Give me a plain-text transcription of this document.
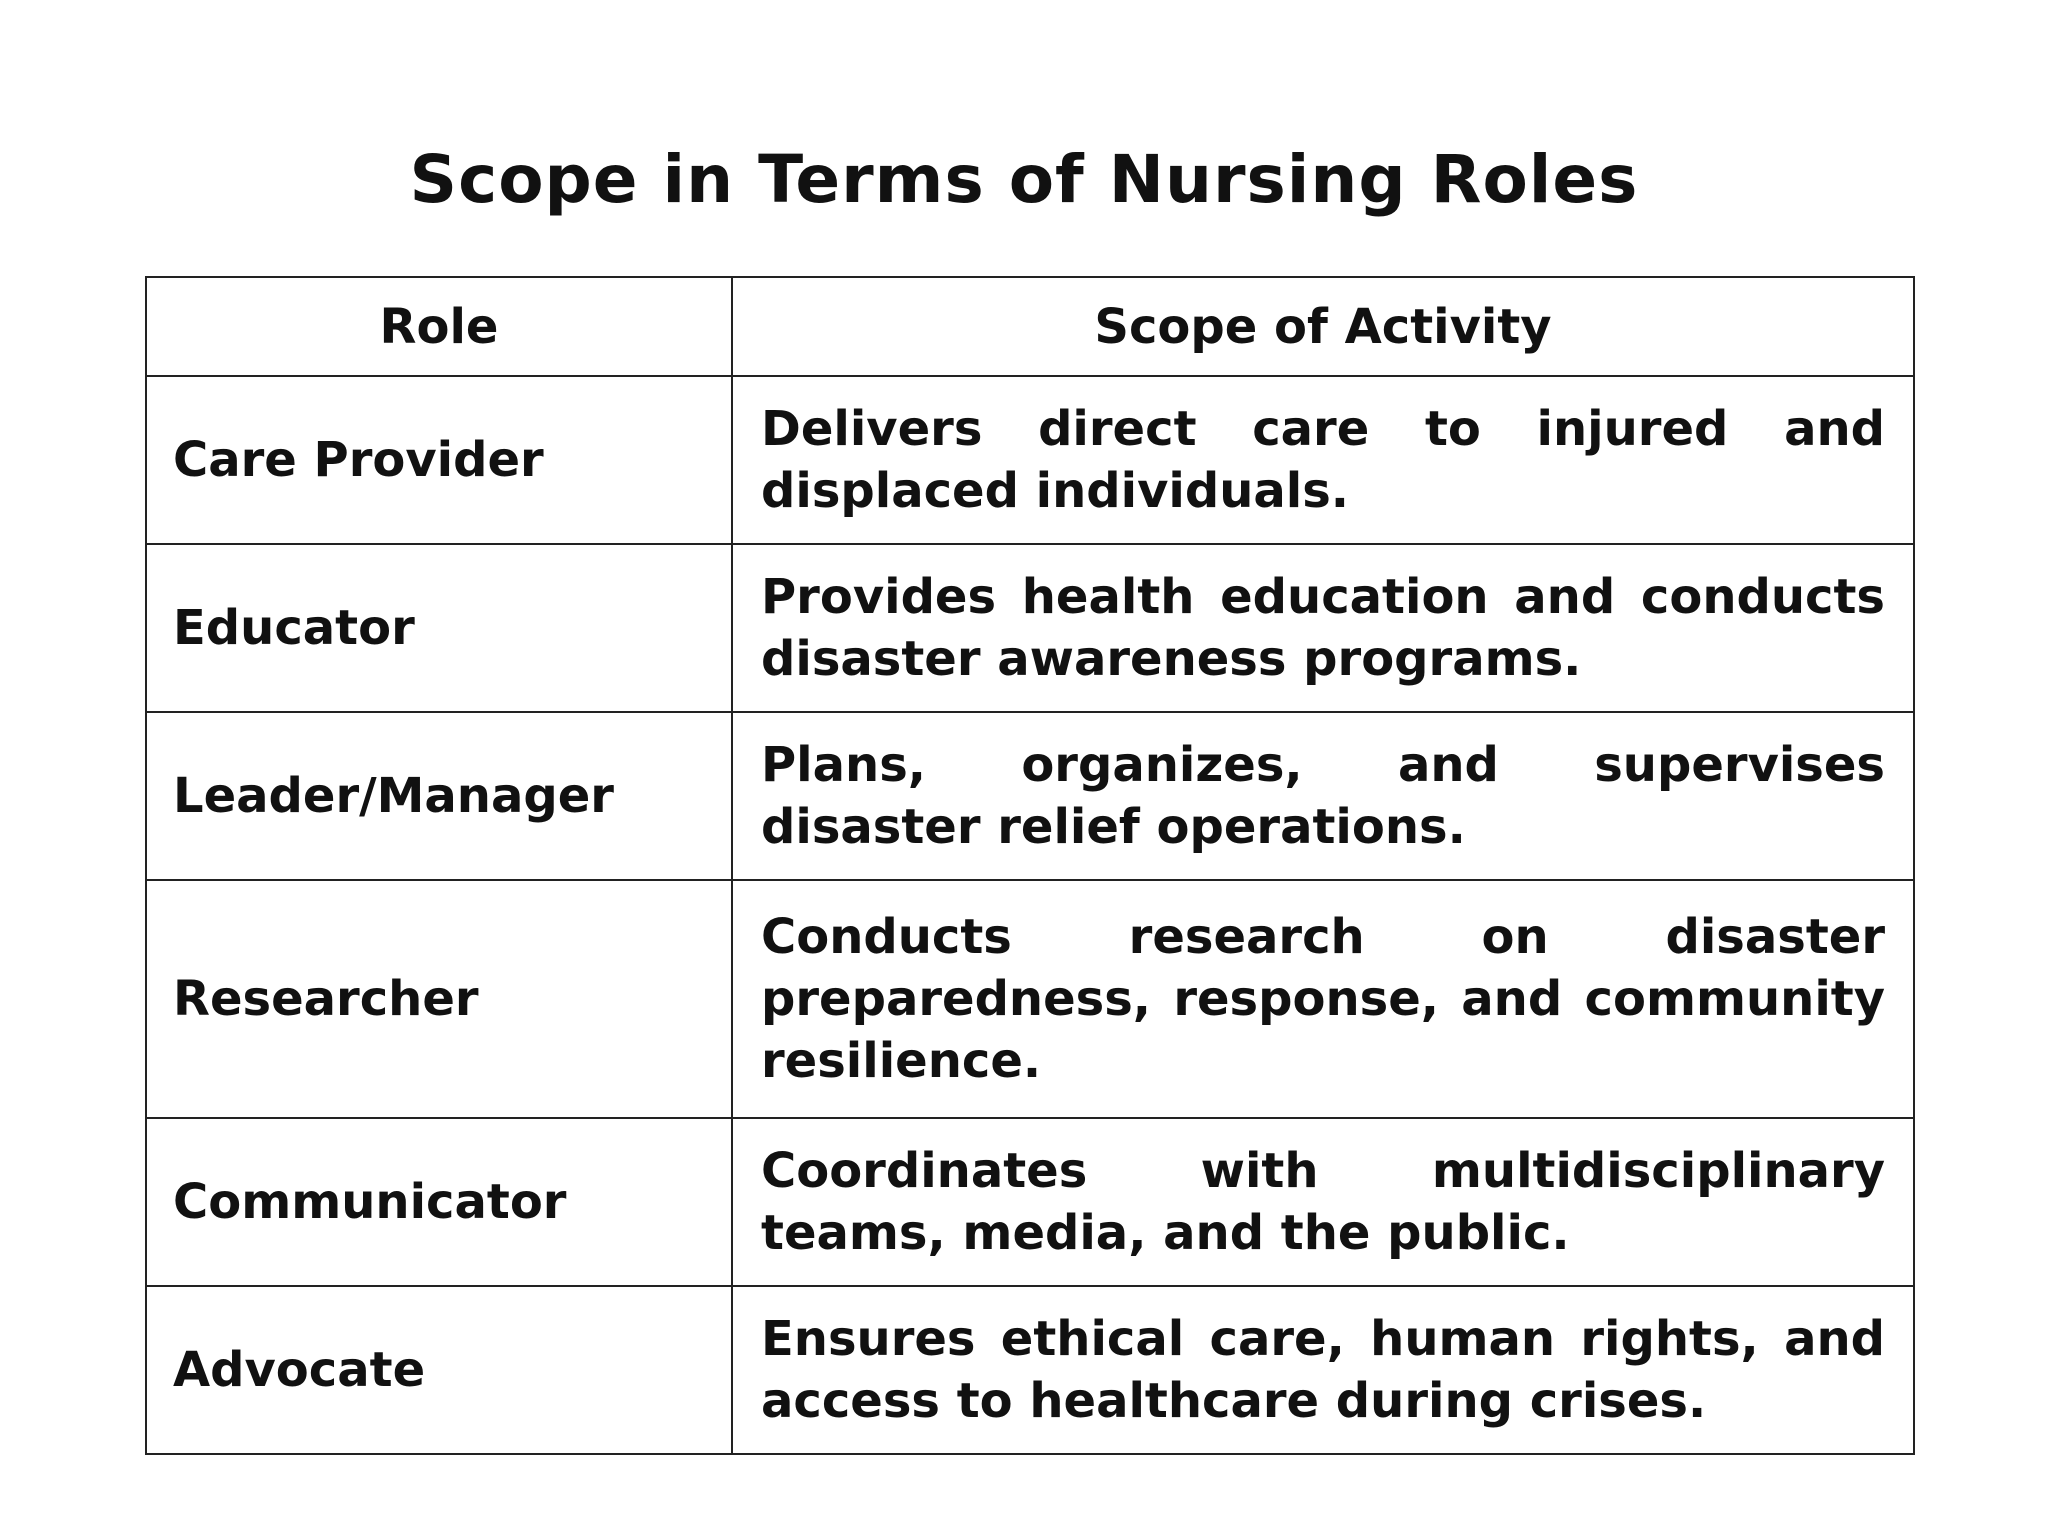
Scope in Terms of Nursing Roles
Role	Scope of Activity
Care Provider	Delivers direct care to injured and displaced individuals.
Educator	Provides health education and conducts disaster awareness programs.
Leader/Manager	Plans, organizes, and supervises disaster relief operations.
Researcher	Conducts research on disaster preparedness, response, and community resilience.
Communicator	Coordinates with multidisciplinary teams, media, and the public.
Advocate	Ensures ethical care, human rights, and access to healthcare during crises.
